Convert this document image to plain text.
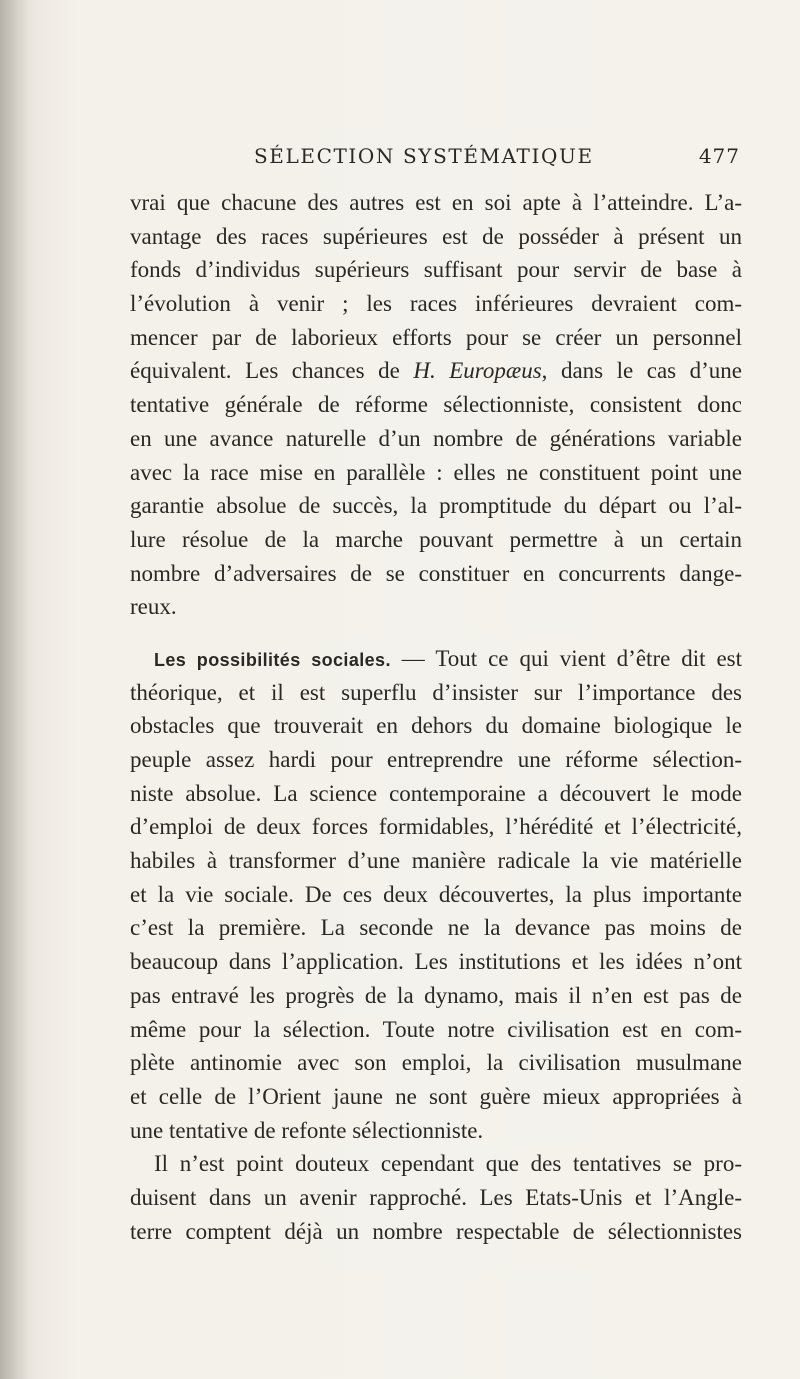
SÉLECTION SYSTÉMATIQUE	477
vrai que chacune des autres est en soi apte à l’atteindre. L’a-
vantage des races supérieures est de posséder à présent un
fonds d’individus supérieurs suffisant pour servir de base à
l’évolution à venir ; les races inférieures devraient com-
mencer par de laborieux efforts pour se créer un personnel
équivalent. Les chances de H. Europæus, dans le cas d’une
tentative générale de réforme sélectionniste, consistent donc
en une avance naturelle d’un nombre de générations variable
avec la race mise en parallèle : elles ne constituent point une
garantie absolue de succès, la promptitude du départ ou l’al-
lure résolue de la marche pouvant permettre à un certain
nombre d’adversaires de se constituer en concurrents dange-
reux.
Les possibilités sociales. — Tout ce qui vient d’être dit est
théorique, et il est superflu d’insister sur l’importance des
obstacles que trouverait en dehors du domaine biologique le
peuple assez hardi pour entreprendre une réforme sélection-
niste absolue. La science contemporaine a découvert le mode
d’emploi de deux forces formidables, l’hérédité et l’électricité,
habiles à transformer d’une manière radicale la vie matérielle
et la vie sociale. De ces deux découvertes, la plus importante
c’est la première. La seconde ne la devance pas moins de
beaucoup dans l’application. Les institutions et les idées n’ont
pas entravé les progrès de la dynamo, mais il n’en est pas de
même pour la sélection. Toute notre civilisation est en com-
plète antinomie avec son emploi, la civilisation musulmane
et celle de l’Orient jaune ne sont guère mieux appropriées à
une tentative de refonte sélectionniste.
Il n’est point douteux cependant que des tentatives se pro-
duisent dans un avenir rapproché. Les Etats-Unis et l’Angle-
terre comptent déjà un nombre respectable de sélectionnistes
